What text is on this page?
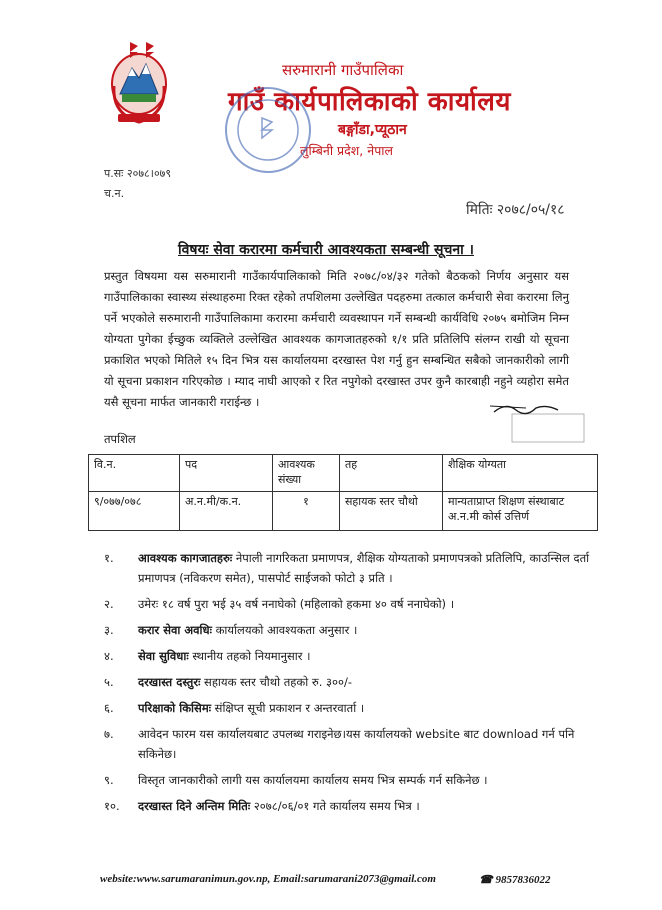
सरुमारानी गाउँपालिका
गाउँ कार्यपालिकाको कार्यालय
बङ्गाँडा,प्यूठान
लुम्बिनी प्रदेश, नेपाल
प.सः २०७८।०७९
च.न.
मितिः २०७८/०५/१८
विषयः सेवा करारमा कर्मचारी आवश्यकता सम्बन्धी सूचना ।
प्रस्तुत विषयमा यस सरुमारानी गाउँकार्यपालिकाको मिति २०७८/०४/३२ गतेको बैठकको निर्णय अनुसार यस गाउँपालिकाका स्वास्थ्य संस्थाहरुमा रिक्त रहेको तपशिलमा उल्लेखित पदहरुमा तत्काल कर्मचारी सेवा करारमा लिनु पर्ने भएकोले सरुमारानी गाउँपालिकामा करारमा कर्मचारी व्यवस्थापन गर्ने सम्बन्धी कार्यविधि २०७५ बमोजिम निम्न योग्यता पुगेका ईच्छुक व्यक्तिले उल्लेखित आवश्यक कागजातहरुको १/१ प्रति प्रतिलिपि संलग्न राखी यो सूचना प्रकाशित भएको मितिले १५ दिन भित्र यस कार्यालयमा दरखास्त पेश गर्नु हुन सम्बन्धित सबैको जानकारीको लागी यो सूचना प्रकाशन गरिएकोछ । म्याद नाघी आएको र रित नपुगेको दरखास्त उपर कुनै कारबाही नहुने व्यहोरा समेत यसै सूचना मार्फत जानकारी गराईन्छ ।
तपशिल
वि.न.	पद	आवश्यक संख्या	तह	शैक्षिक योग्यता
९/०७७/०७८	अ.न.मी/क.न.	१	सहायक स्तर चौथो	मान्यताप्राप्त शिक्षण संस्थाबाट अ.न.मी कोर्स उत्तिर्ण
१. आवश्यक कागजातहरुः नेपाली नागरिकता प्रमाणपत्र, शैक्षिक योग्यताको प्रमाणपत्रको प्रतिलिपि, काउन्सिल दर्ता प्रमाणपत्र (नविकरण समेत), पासपोर्ट साईजको फोटो ३ प्रति ।
२. उमेरः १८ वर्ष पुरा भई ३५ वर्ष ननाघेको (महिलाको हकमा ४० वर्ष ननाघेको) ।
३. करार सेवा अवधिः कार्यालयको आवश्यकता अनुसार ।
४. सेवा सुविधाः स्थानीय तहको नियमानुसार ।
५. दरखास्त दस्तुरः सहायक स्तर चौथो तहको रु. ३००/-
६. परिक्षाको किसिमः संक्षिप्त सूची प्रकाशन र अन्तरवार्ता ।
७. आवेदन फारम यस कार्यालयबाट उपलब्ध गराइनेछ।यस कार्यालयको website बाट download गर्न पनि सकिनेछ।
९. विस्तृत जानकारीको लागी यस कार्यालयमा कार्यालय समय भित्र सम्पर्क गर्न सकिनेछ ।
१०. दरखास्त दिने अन्तिम मितिः २०७८/०६/०१ गते कार्यालय समय भित्र ।
website:www.sarumaranimun.gov.np, Email:sarumarani2073@gmail.com	☎ 9857836022
